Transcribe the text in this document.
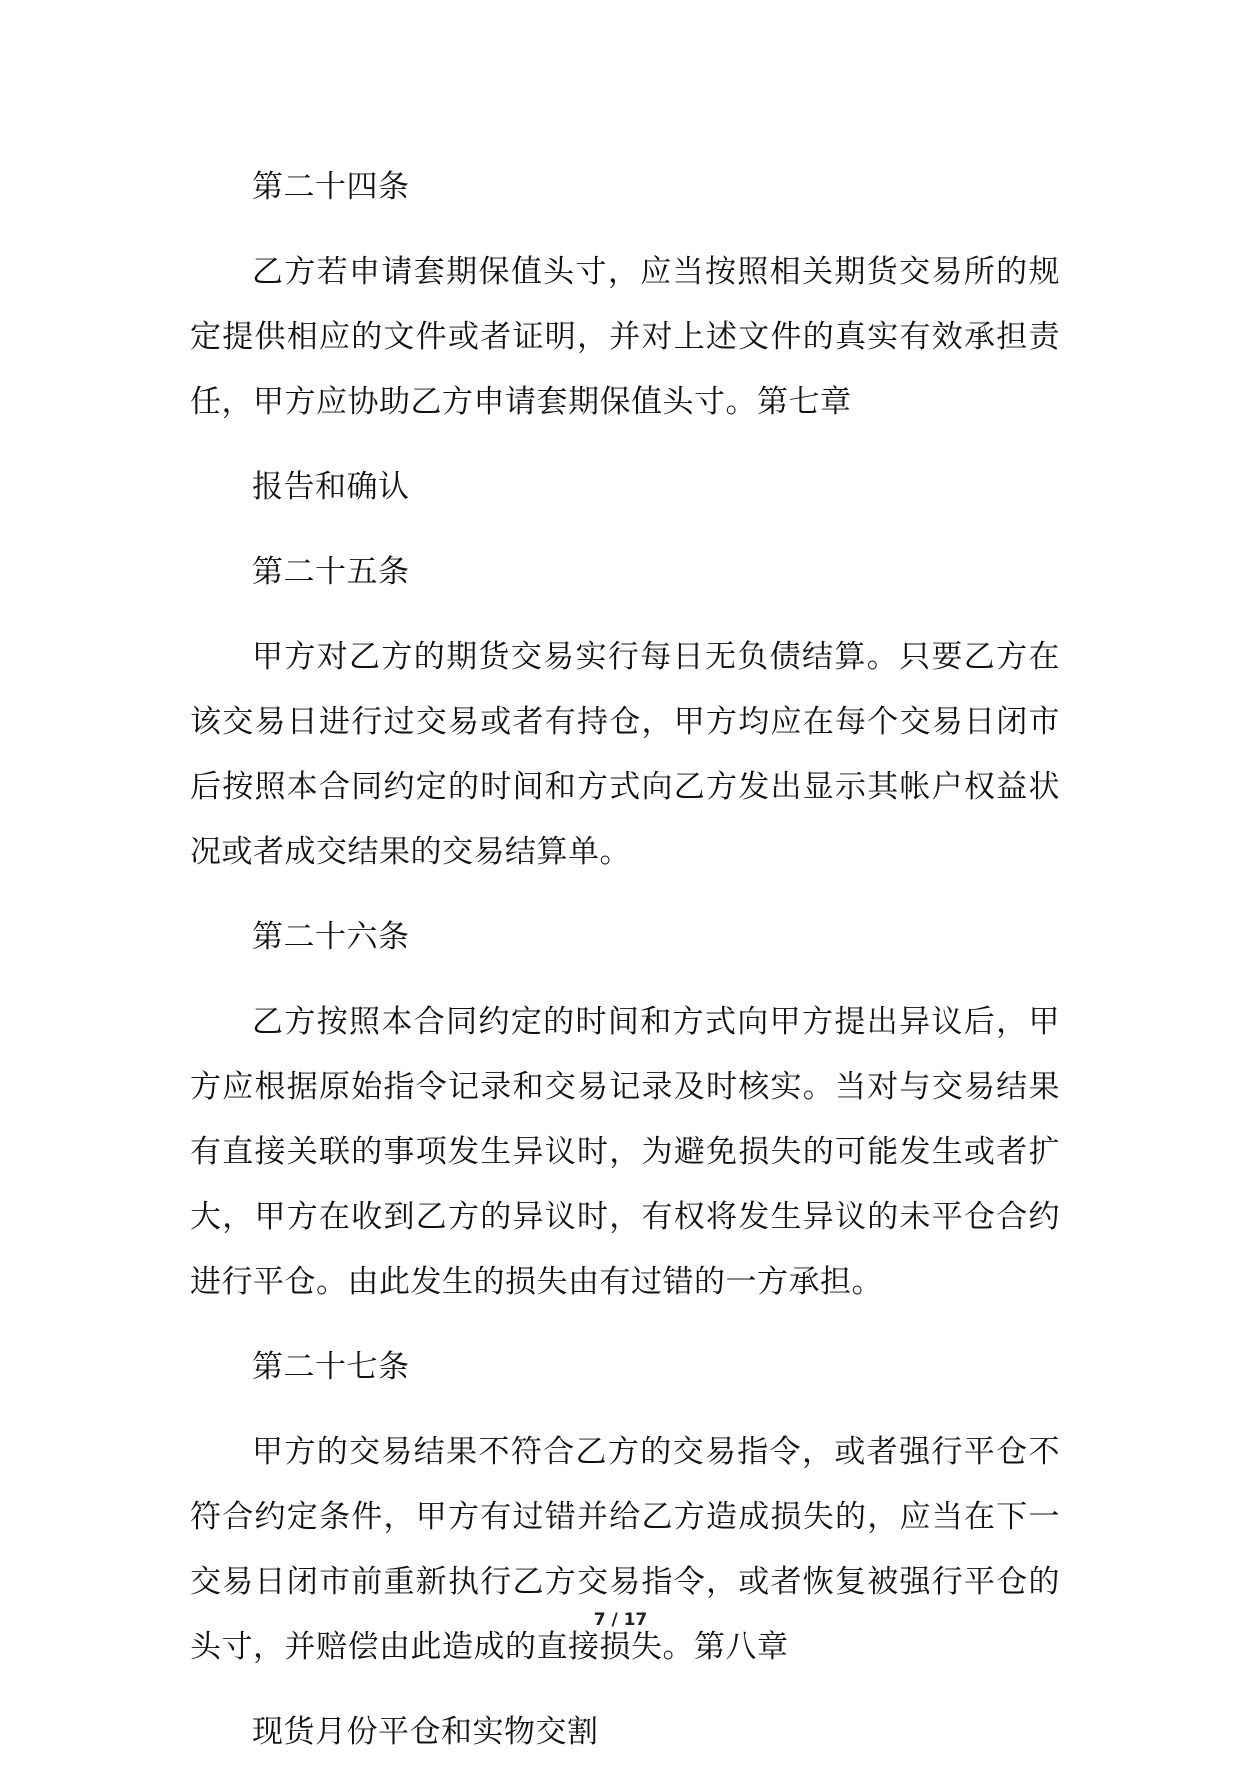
第二十四条

乙方若申请套期保值头寸，应当按照相关期货交易所的规定提供相应的文件或者证明，并对上述文件的真实有效承担责任，甲方应协助乙方申请套期保值头寸。第七章

报告和确认

第二十五条

甲方对乙方的期货交易实行每日无负债结算。只要乙方在该交易日进行过交易或者有持仓，甲方均应在每个交易日闭市后按照本合同约定的时间和方式向乙方发出显示其帐户权益状况或者成交结果的交易结算单。

第二十六条

乙方按照本合同约定的时间和方式向甲方提出异议后，甲方应根据原始指令记录和交易记录及时核实。当对与交易结果有直接关联的事项发生异议时，为避免损失的可能发生或者扩大，甲方在收到乙方的异议时，有权将发生异议的未平仓合约进行平仓。由此发生的损失由有过错的一方承担。

第二十七条

甲方的交易结果不符合乙方的交易指令，或者强行平仓不符合约定条件，甲方有过错并给乙方造成损失的，应当在下一交易日闭市前重新执行乙方交易指令，或者恢复被强行平仓的头寸，并赔偿由此造成的直接损失。第八章

现货月份平仓和实物交割

7 / 17
